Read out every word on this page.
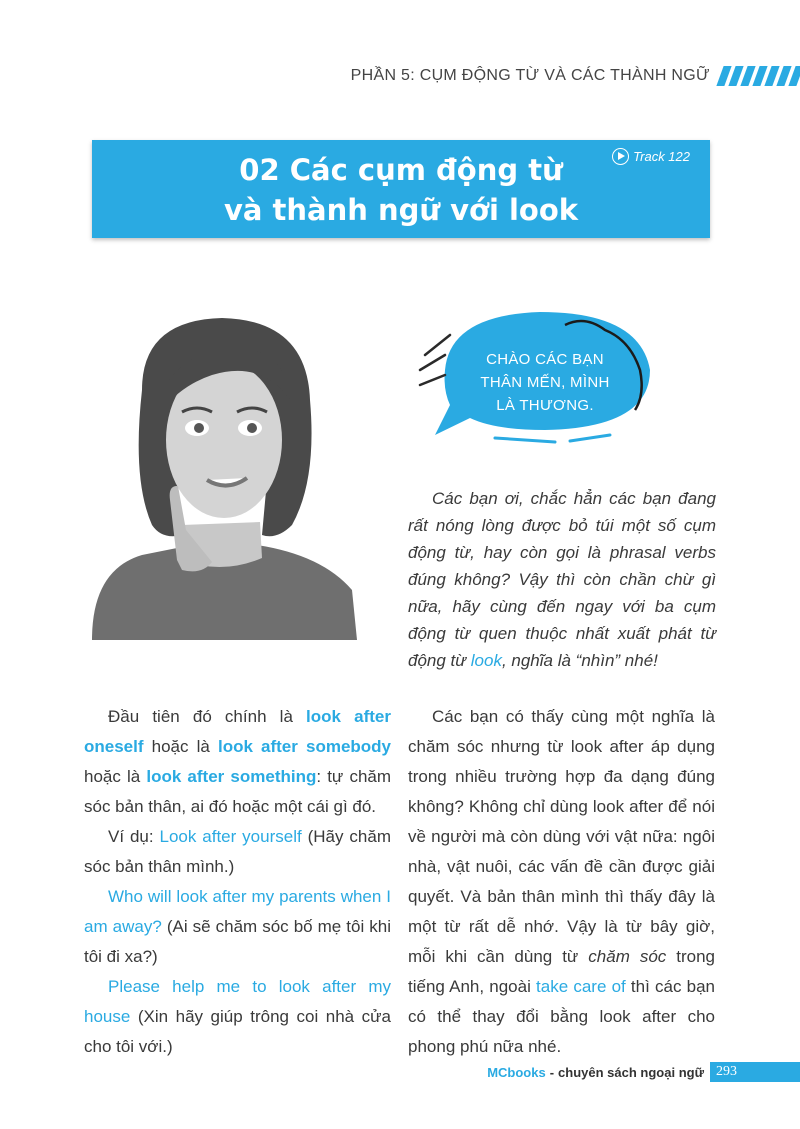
PHẦN 5: CỤM ĐỘNG TỪ VÀ CÁC THÀNH NGỮ
02 Các cụm động từ
và thành ngữ với look
Track 122
CHÀO CÁC BẠN
THÂN MẾN, MÌNH
LÀ THƯƠNG.

Các bạn ơi, chắc hẳn các bạn đang rất nóng lòng được bỏ túi một số cụm động từ, hay còn gọi là phrasal verbs đúng không? Vậy thì còn chần chừ gì nữa, hãy cùng đến ngay với ba cụm động từ quen thuộc nhất xuất phát từ động từ look, nghĩa là “nhìn” nhé!

Đầu tiên đó chính là look after oneself hoặc là look after somebody hoặc là look after something: tự chăm sóc bản thân, ai đó hoặc một cái gì đó.

Ví dụ: Look after yourself (Hãy chăm sóc bản thân mình.)

Who will look after my parents when I am away? (Ai sẽ chăm sóc bố mẹ tôi khi tôi đi xa?)

Please help me to look after my house (Xin hãy giúp trông coi nhà cửa cho tôi với.)

Các bạn có thấy cùng một nghĩa là chăm sóc nhưng từ look after áp dụng trong nhiều trường hợp đa dạng đúng không? Không chỉ dùng look after để nói về người mà còn dùng với vật nữa: ngôi nhà, vật nuôi, các vấn đề cần được giải quyết. Và bản thân mình thì thấy đây là một từ rất dễ nhớ. Vậy là từ bây giờ, mỗi khi cần dùng từ chăm sóc trong tiếng Anh, ngoài take care of thì các bạn có thể thay đổi bằng look after cho phong phú nữa nhé.

MCbooks - chuyên sách ngoại ngữ 293
